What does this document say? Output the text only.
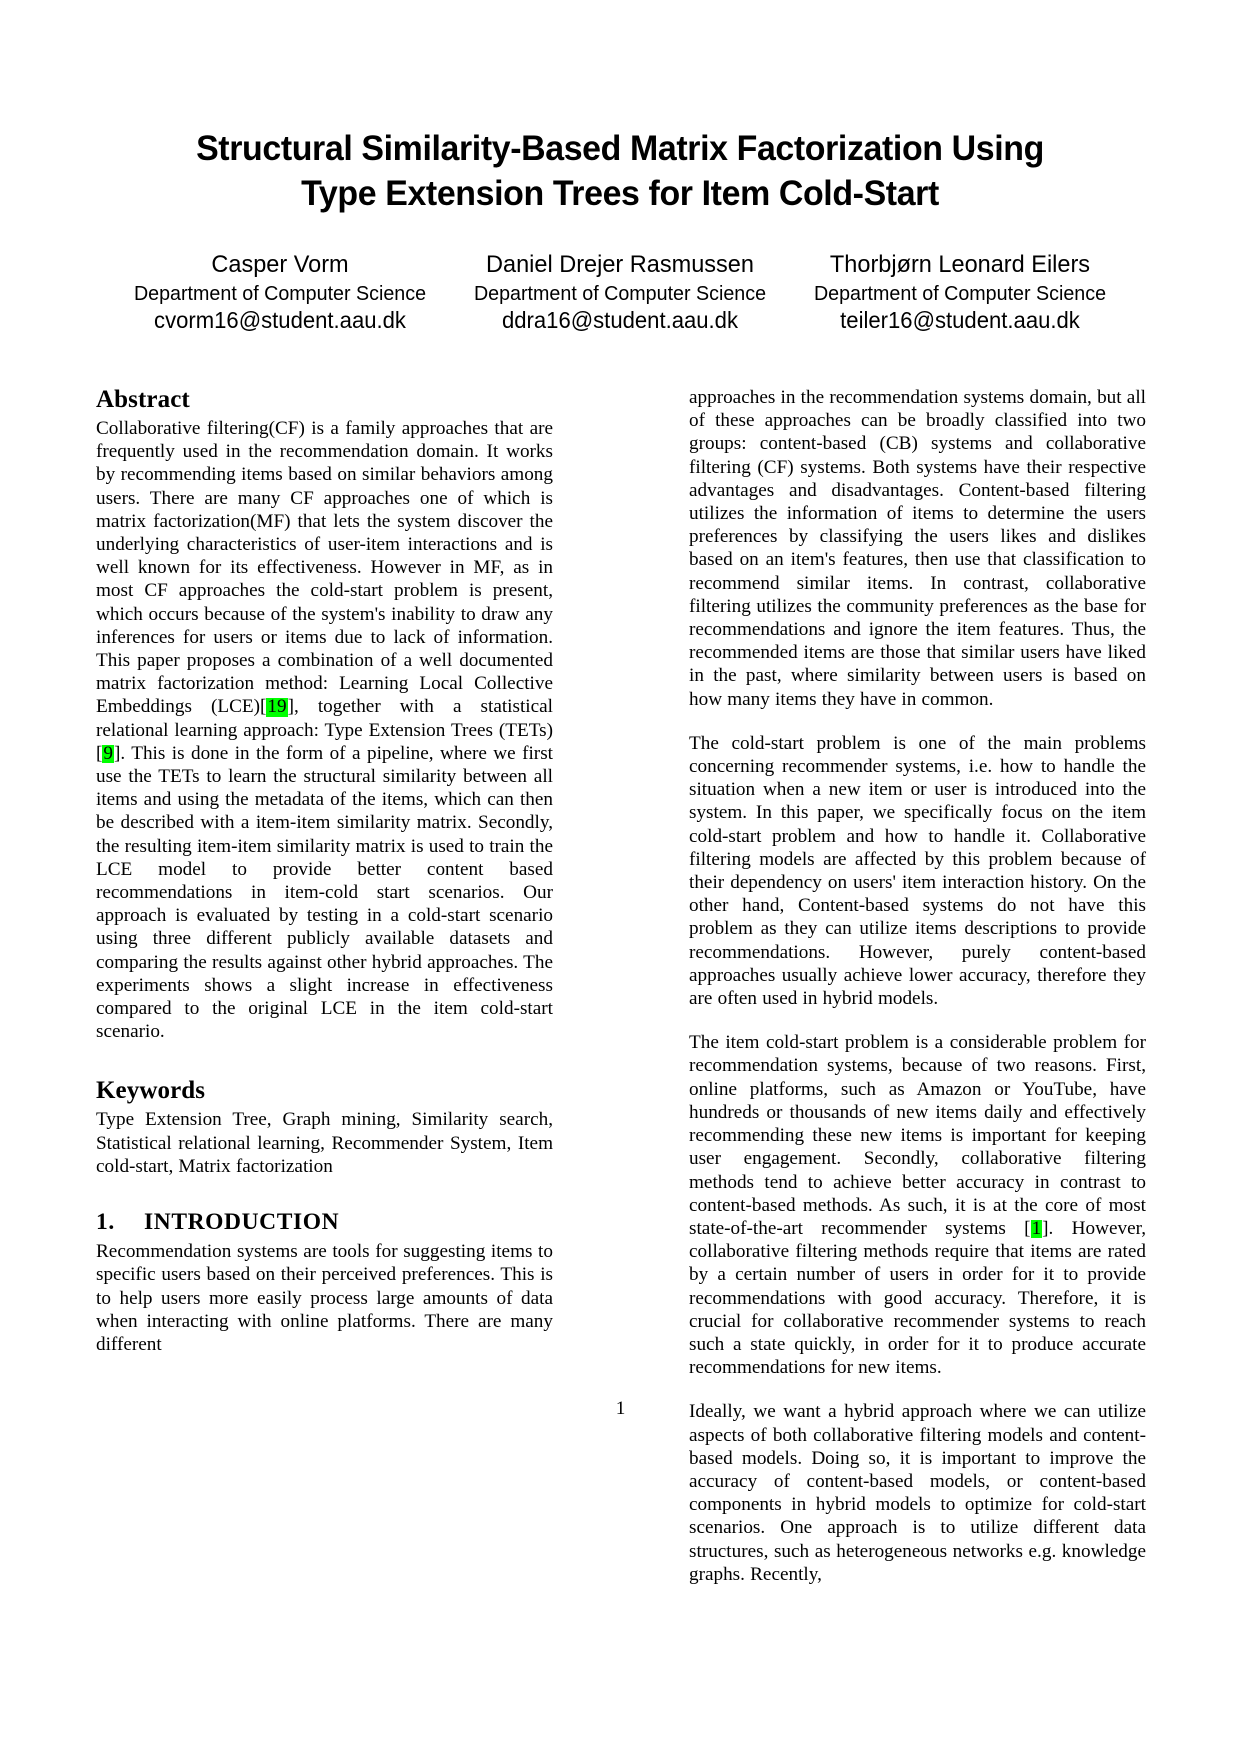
Structural Similarity-Based Matrix Factorization Using
Type Extension Trees for Item Cold-Start
Casper Vorm
Department of Computer Science
cvorm16@student.aau.dk
Daniel Drejer Rasmussen
Department of Computer Science
ddra16@student.aau.dk
Thorbjørn Leonard Eilers
Department of Computer Science
teiler16@student.aau.dk
Abstract

Collaborative filtering(CF) is a family approaches that are frequently used in the recommendation domain. It works by recommending items based on similar behaviors among users. There are many CF approaches one of which is matrix factorization(MF) that lets the system discover the underlying characteristics of user-item interactions and is well known for its effectiveness. However in MF, as in most CF approaches the cold-start problem is present, which occurs because of the system's inability to draw any inferences for users or items due to lack of information. This paper proposes a combination of a well documented matrix factorization method: Learning Local Collective Embeddings (LCE)[19], together with a statistical relational learning approach: Type Extension Trees (TETs)[9]. This is done in the form of a pipeline, where we first use the TETs to learn the structural similarity between all items and using the metadata of the items, which can then be described with a item-item similarity matrix. Secondly, the resulting item-item similarity matrix is used to train the LCE model to provide better content based recommendations in item-cold start scenarios. Our approach is evaluated by testing in a cold-start scenario using three different publicly available datasets and comparing the results against other hybrid approaches. The experiments shows a slight increase in effectiveness compared to the original LCE in the item cold-start scenario.

Keywords

Type Extension Tree, Graph mining, Similarity search, Statistical relational learning, Recommender System, Item cold-start, Matrix factorization

1. INTRODUCTION

Recommendation systems are tools for suggesting items to specific users based on their perceived preferences. This is to help users more easily process large amounts of data when interacting with online platforms. There are many different

approaches in the recommendation systems domain, but all of these approaches can be broadly classified into two groups: content-based (CB) systems and collaborative filtering (CF) systems. Both systems have their respective advantages and disadvantages. Content-based filtering utilizes the information of items to determine the users preferences by classifying the users likes and dislikes based on an item's features, then use that classification to recommend similar items. In contrast, collaborative filtering utilizes the community preferences as the base for recommendations and ignore the item features. Thus, the recommended items are those that similar users have liked in the past, where similarity between users is based on how many items they have in common.

The cold-start problem is one of the main problems concerning recommender systems, i.e. how to handle the situation when a new item or user is introduced into the system. In this paper, we specifically focus on the item cold-start problem and how to handle it. Collaborative filtering models are affected by this problem because of their dependency on users' item interaction history. On the other hand, Content-based systems do not have this problem as they can utilize items descriptions to provide recommendations. However, purely content-based approaches usually achieve lower accuracy, therefore they are often used in hybrid models.

The item cold-start problem is a considerable problem for recommendation systems, because of two reasons. First, online platforms, such as Amazon or YouTube, have hundreds or thousands of new items daily and effectively recommending these new items is important for keeping user engagement. Secondly, collaborative filtering methods tend to achieve better accuracy in contrast to content-based methods. As such, it is at the core of most state-of-the-art recommender systems [1]. However, collaborative filtering methods require that items are rated by a certain number of users in order for it to provide recommendations with good accuracy. Therefore, it is crucial for collaborative recommender systems to reach such a state quickly, in order for it to produce accurate recommendations for new items.

Ideally, we want a hybrid approach where we can utilize aspects of both collaborative filtering models and content-based models. Doing so, it is important to improve the accuracy of content-based models, or content-based components in hybrid models to optimize for cold-start scenarios. One approach is to utilize different data structures, such as heterogeneous networks e.g. knowledge graphs. Recently,

1
